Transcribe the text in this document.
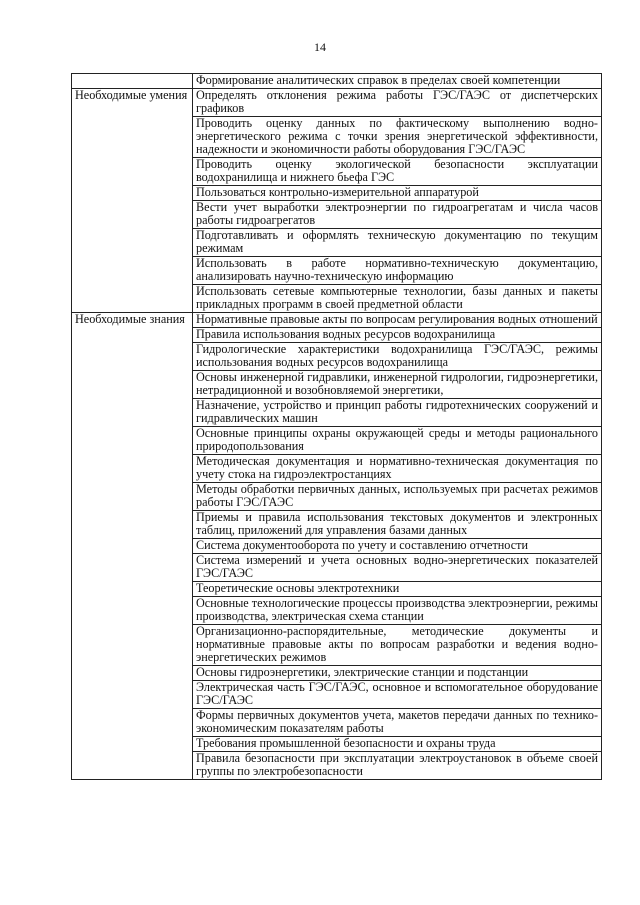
14
	Формирование аналитических справок в пределах своей компетенции
Необходимые умения	Определять отклонения режима работы ГЭС/ГАЭС от диспетчерских графиков
	Проводить оценку данных по фактическому выполнению водно-энергетического режима с точки зрения энергетической эффективности, надежности и экономичности работы оборудования ГЭС/ГАЭС
	Проводить оценку экологической безопасности эксплуатации водохранилища и нижнего бьефа ГЭС
	Пользоваться контрольно-измерительной аппаратурой
	Вести учет выработки электроэнергии по гидроагрегатам и числа часов работы гидроагрегатов
	Подготавливать и оформлять техническую документацию по текущим режимам
	Использовать в работе нормативно-техническую документацию, анализировать научно-техническую информацию
	Использовать сетевые компьютерные технологии, базы данных и пакеты прикладных программ в своей предметной области
Необходимые знания	Нормативные правовые акты по вопросам регулирования водных отношений
	Правила использования водных ресурсов водохранилища
	Гидрологические характеристики водохранилища ГЭС/ГАЭС, режимы использования водных ресурсов водохранилища
	Основы инженерной гидравлики, инженерной гидрологии, гидроэнергетики, нетрадиционной и возобновляемой энергетики,
	Назначение, устройство и принцип работы гидротехнических сооружений и гидравлических машин
	Основные принципы охраны окружающей среды и методы рационального природопользования
	Методическая документация и нормативно-техническая документация по учету стока на гидроэлектростанциях
	Методы обработки первичных данных, используемых при расчетах режимов работы ГЭС/ГАЭС
	Приемы и правила использования текстовых документов и электронных таблиц, приложений для управления базами данных
	Система документооборота по учету и составлению отчетности
	Система измерений и учета основных водно-энергетических показателей ГЭС/ГАЭС
	Теоретические основы электротехники
	Основные технологические процессы производства электроэнергии, режимы производства, электрическая схема станции
	Организационно-распорядительные, методические документы и нормативные правовые акты по вопросам разработки и ведения водно-энергетических режимов
	Основы гидроэнергетики, электрические станции и подстанции
	Электрическая часть ГЭС/ГАЭС, основное и вспомогательное оборудование ГЭС/ГАЭС
	Формы первичных документов учета, макетов передачи данных по технико-экономическим показателям работы
	Требования промышленной безопасности и охраны труда
	Правила безопасности при эксплуатации электроустановок в объеме своей группы по электробезопасности
